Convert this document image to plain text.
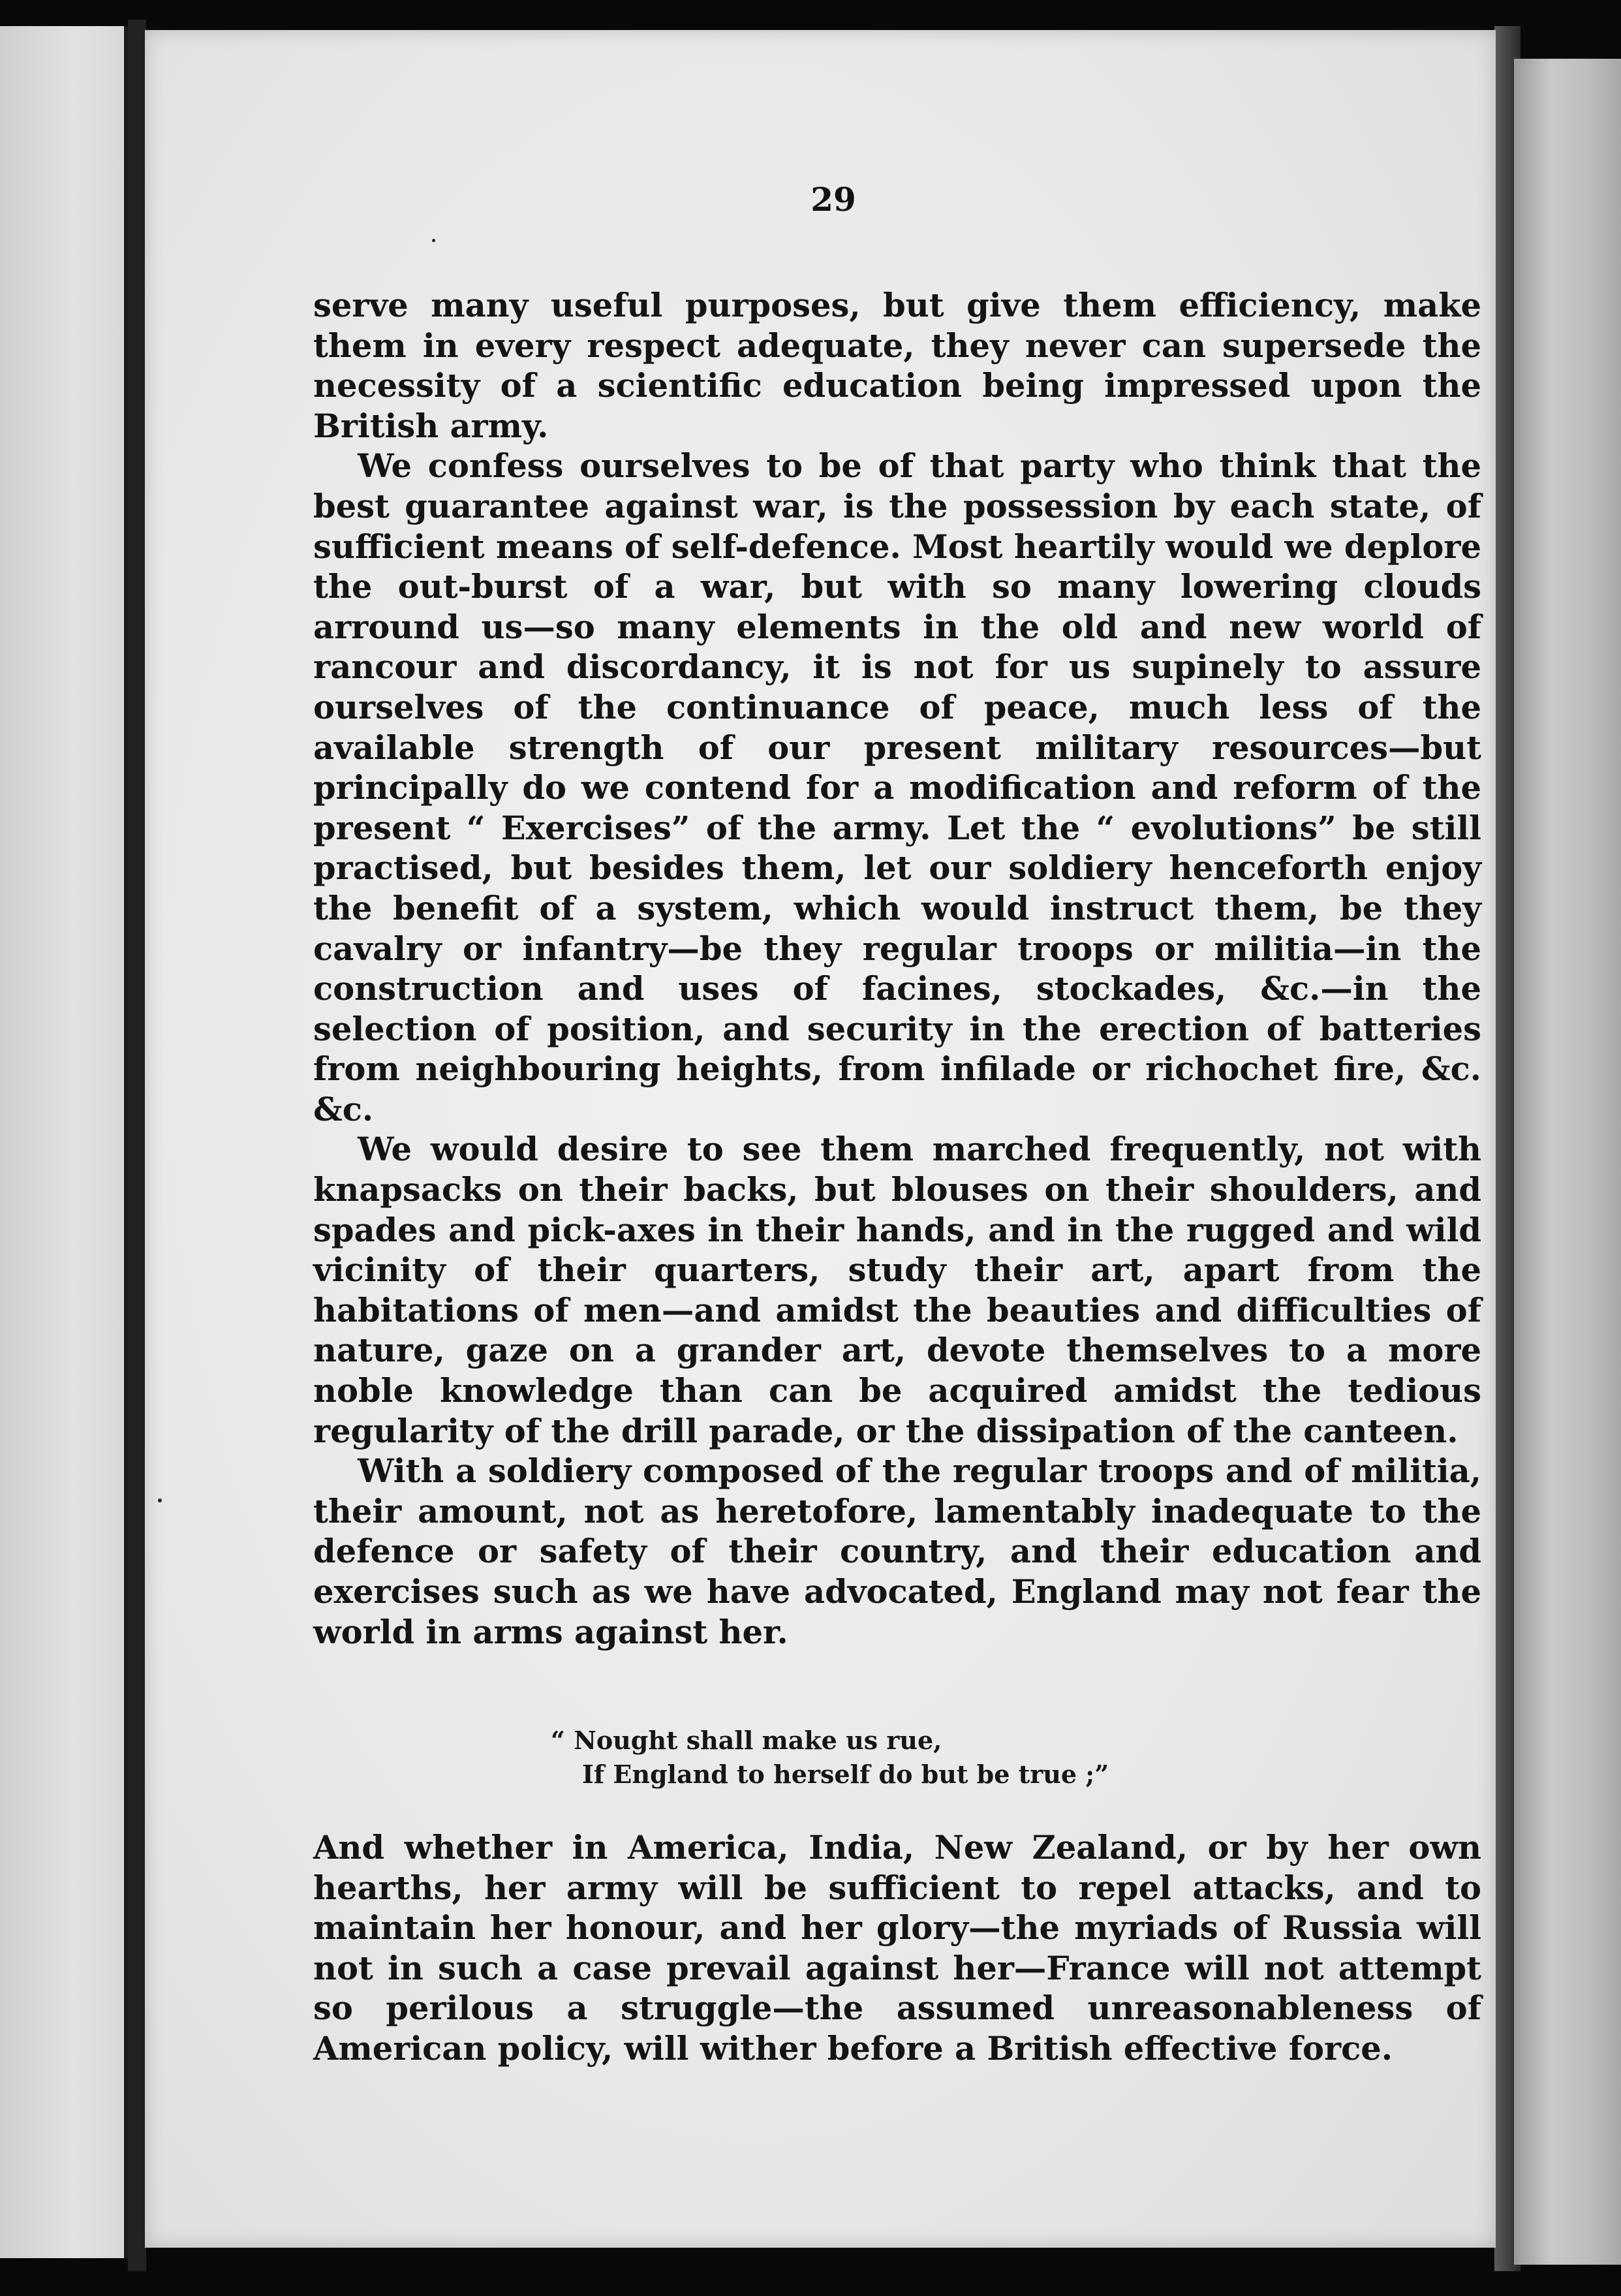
29

serve many useful purposes, but give them efficiency, make them in every respect adequate, they never can supersede the necessity of a scientific education being impressed upon the British army.

We confess ourselves to be of that party who think that the best guarantee against war, is the possession by each state, of sufficient means of self-defence. Most heartily would we deplore the out-burst of a war, but with so many lowering clouds arround us—so many elements in the old and new world of rancour and discordancy, it is not for us supinely to assure ourselves of the continuance of peace, much less of the available strength of our present military resources—but principally do we contend for a modification and reform of the present “ Exercises” of the army. Let the “ evolutions” be still practised, but besides them, let our soldiery henceforth enjoy the benefit of a system, which would instruct them, be they cavalry or infantry—be they regular troops or militia—in the construction and uses of facines, stockades, &c.—in the selection of position, and security in the erection of batteries from neighbouring heights, from infilade or richochet fire, &c. &c.

We would desire to see them marched frequently, not with knapsacks on their backs, but blouses on their shoulders, and spades and pick-axes in their hands, and in the rugged and wild vicinity of their quarters, study their art, apart from the habitations of men—and amidst the beauties and difficulties of nature, gaze on a grander art, devote themselves to a more noble knowledge than can be acquired amidst the tedious regularity of the drill parade, or the dissipation of the canteen.

With a soldiery composed of the regular troops and of militia, their amount, not as heretofore, lamentably inadequate to the defence or safety of their country, and their education and exercises such as we have advocated, England may not fear the world in arms against her.

“ Nought shall make us rue,
If England to herself do but be true ;”

And whether in America, India, New Zealand, or by her own hearths, her army will be sufficient to repel attacks, and to maintain her honour, and her glory—the myriads of Russia will not in such a case prevail against her—France will not attempt so perilous a struggle—the assumed unreasonableness of American policy, will wither before a British effective force.
